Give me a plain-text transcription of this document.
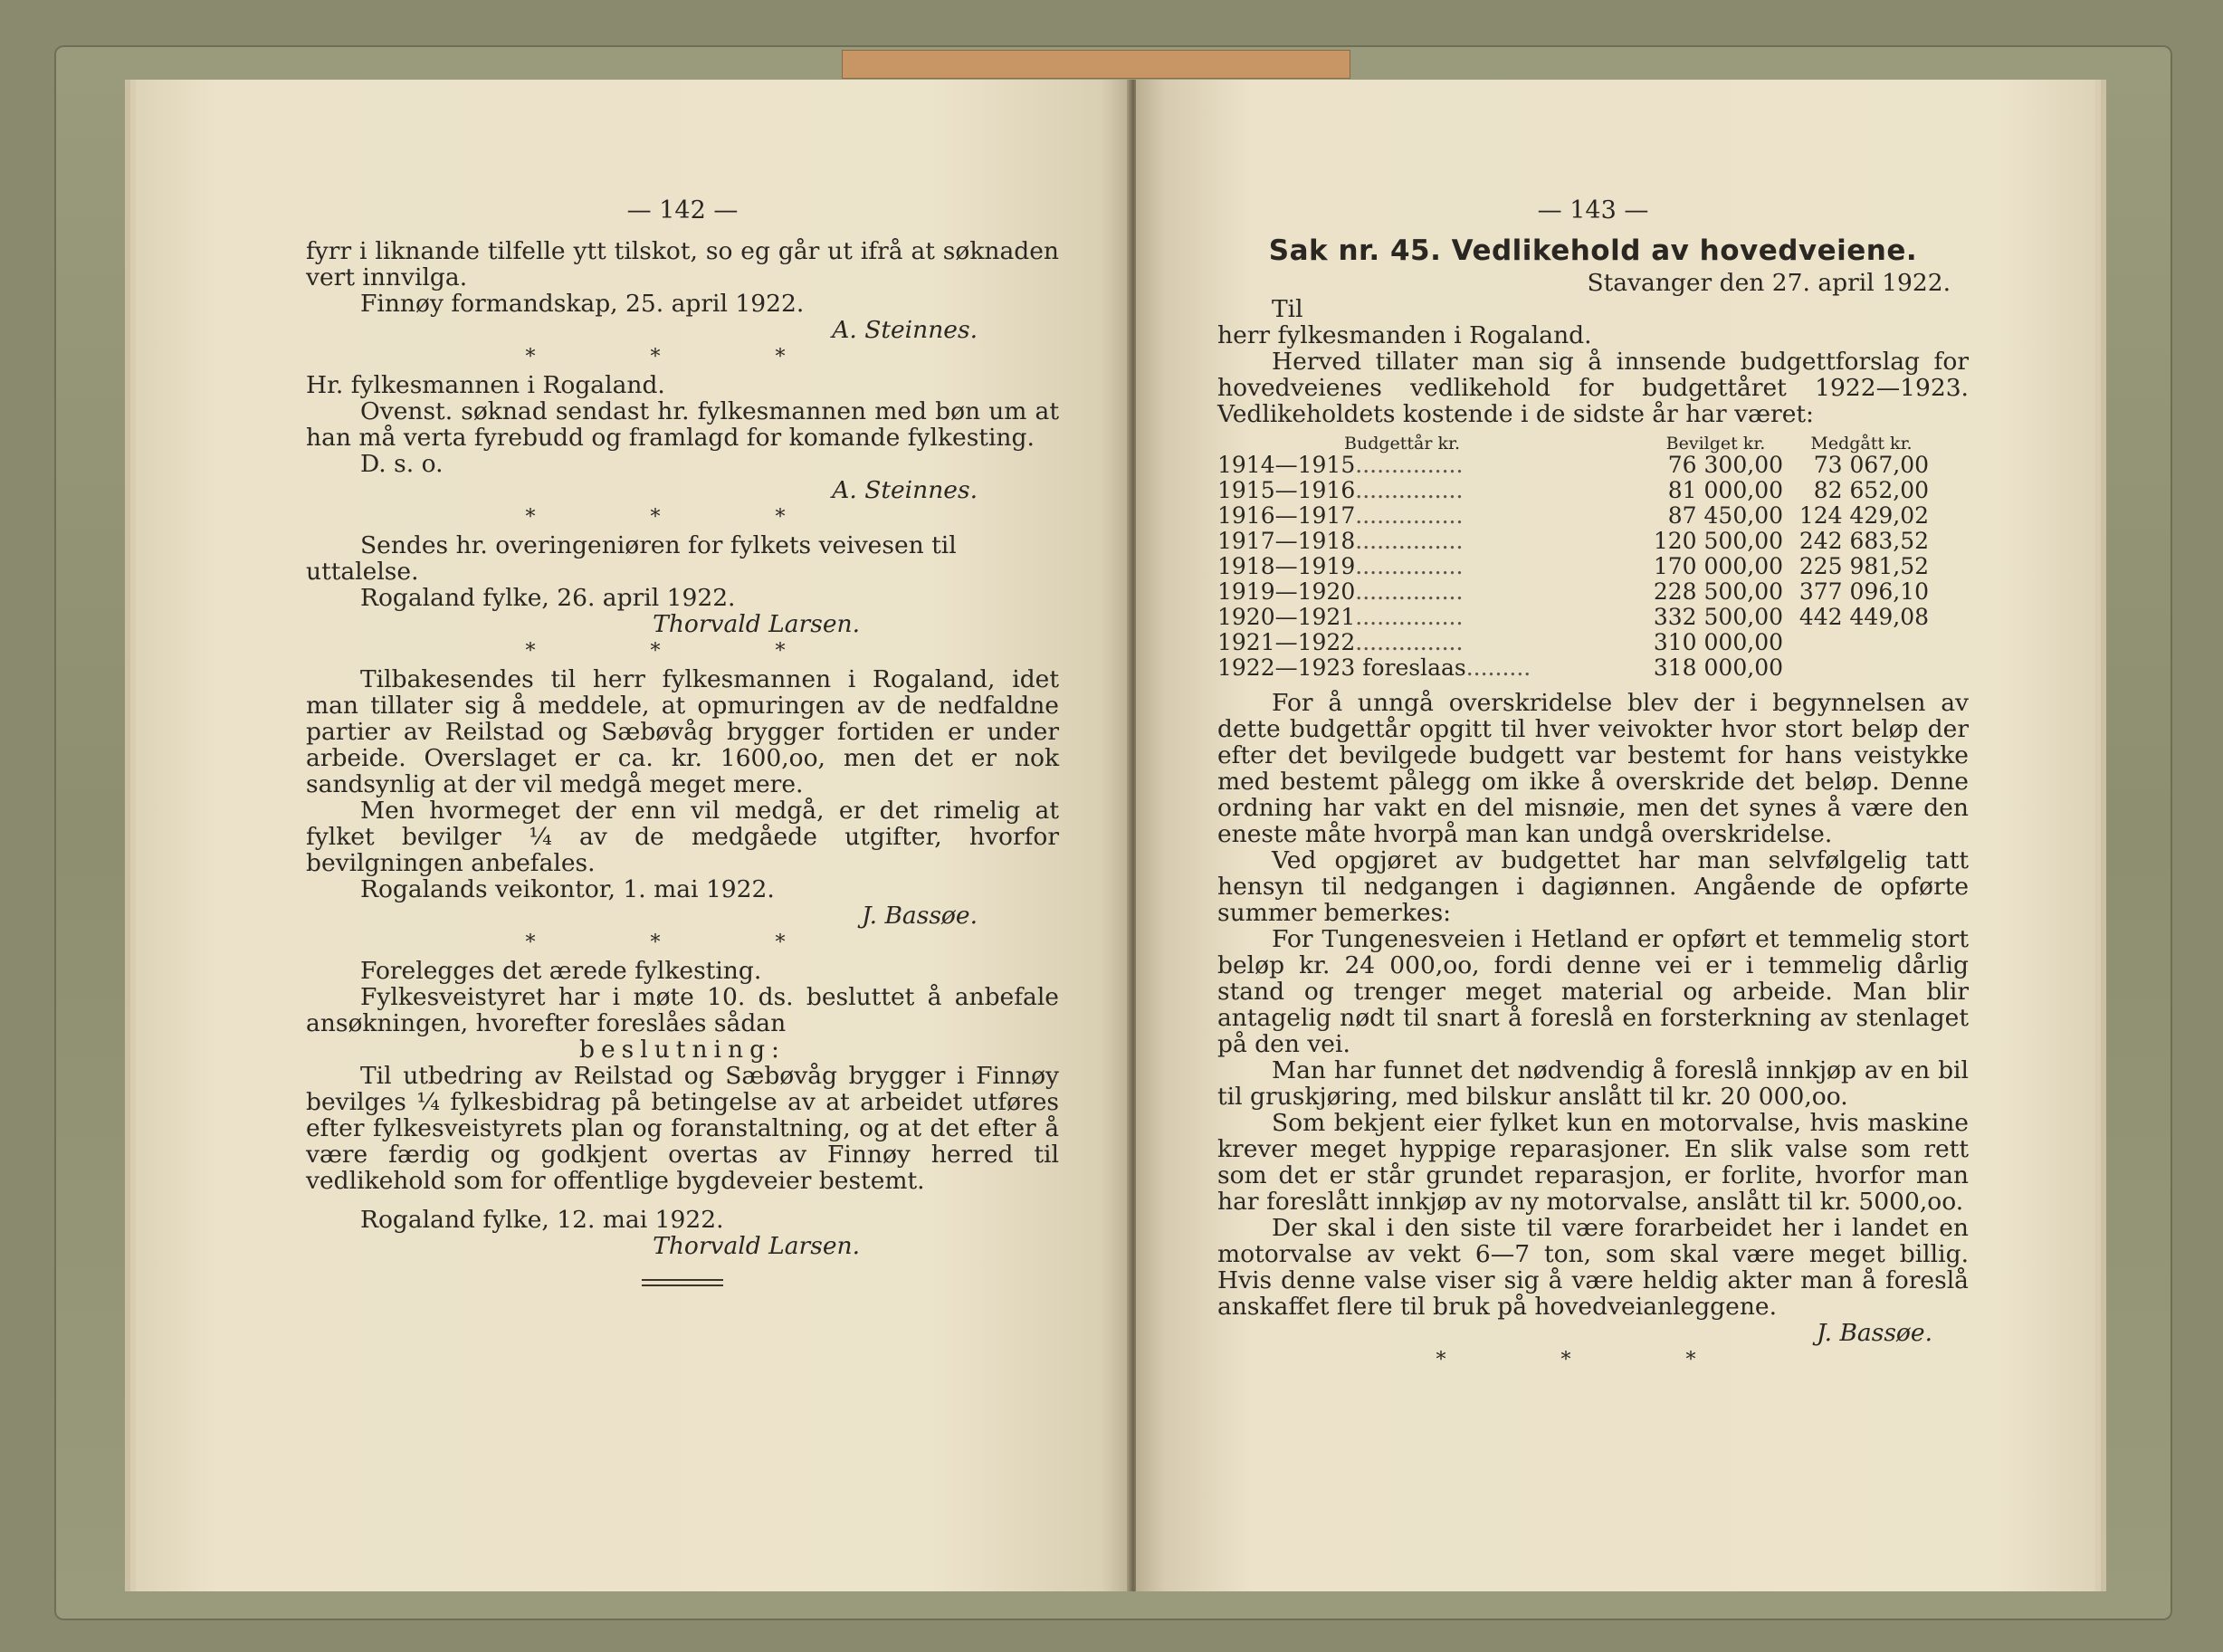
— 142 —

fyrr i liknande tilfelle ytt tilskot, so eg går ut ifrå at søknaden vert innvilga.

Finnøy formandskap, 25. april 1922.

A. Steinnes.

* * *

Hr. fylkesmannen i Rogaland.

Ovenst. søknad sendast hr. fylkesmannen med bøn um at han må verta fyrebudd og framlagd for komande fylkesting.

D. s. o.

A. Steinnes.

* * *

Sendes hr. overingeniøren for fylkets veivesen til uttalelse.

Rogaland fylke, 26. april 1922.

Thorvald Larsen.

* * *

Tilbakesendes til herr fylkesmannen i Rogaland, idet man tillater sig å meddele, at opmuringen av de nedfaldne partier av Reilstad og Sæbøvåg brygger fortiden er under arbeide. Overslaget er ca. kr. 1600,oo, men det er nok sandsynlig at der vil medgå meget mere.

Men hvormeget der enn vil medgå, er det rimelig at fylket bevilger ¼ av de medgåede utgifter, hvorfor bevilgningen anbefales.

Rogalands veikontor, 1. mai 1922.

J. Bassøe.

* * *

Forelegges det ærede fylkesting.

Fylkesveistyret har i møte 10. ds. besluttet å anbefale ansøkningen, hvorefter foreslåes sådan

beslutning:

Til utbedring av Reilstad og Sæbøvåg brygger i Finnøy bevilges ¼ fylkesbidrag på betingelse av at arbeidet utføres efter fylkesveistyrets plan og foranstaltning, og at det efter å være færdig og godkjent overtas av Finnøy herred til vedlikehold som for offentlige bygdeveier bestemt.

Rogaland fylke, 12. mai 1922.

Thorvald Larsen.

— 143 —

Sak nr. 45. Vedlikehold av hovedveiene.

Stavanger den 27. april 1922.

Til

herr fylkesmanden i Rogaland.

Herved tillater man sig å innsende budgettforslag for hovedveienes vedlikehold for budgettåret 1922—1923. Vedlikeholdets kostende i de sidste år har været:

Budgettår kr.	Bevilget kr.	Medgått kr.
1914—1915...............	76 300,00	73 067,00
1915—1916...............	81 000,00	82 652,00
1916—1917...............	87 450,00	124 429,02
1917—1918...............	120 500,00	242 683,52
1918—1919...............	170 000,00	225 981,52
1919—1920...............	228 500,00	377 096,10
1920—1921...............	332 500,00	442 449,08
1921—1922...............	310 000,00	
1922—1923 foreslaas.........	318 000,00	

For å unngå overskridelse blev der i begynnelsen av dette budgettår opgitt til hver veivokter hvor stort beløp der efter det bevilgede budgett var bestemt for hans veistykke med bestemt pålegg om ikke å overskride det beløp. Denne ordning har vakt en del misnøie, men det synes å være den eneste måte hvorpå man kan undgå overskridelse.

Ved opgjøret av budgettet har man selvfølgelig tatt hensyn til nedgangen i dagiønnen. Angående de opførte summer bemerkes:

For Tungenesveien i Hetland er opført et temmelig stort beløp kr. 24 000,oo, fordi denne vei er i temmelig dårlig stand og trenger meget material og arbeide. Man blir antagelig nødt til snart å foreslå en forsterkning av stenlaget på den vei.

Man har funnet det nødvendig å foreslå innkjøp av en bil til gruskjøring, med bilskur anslått til kr. 20 000,oo.

Som bekjent eier fylket kun en motorvalse, hvis maskine krever meget hyppige reparasjoner. En slik valse som rett som det er står grundet reparasjon, er forlite, hvorfor man har foreslått innkjøp av ny motorvalse, anslått til kr. 5000,oo.

Der skal i den siste til være forarbeidet her i landet en motorvalse av vekt 6—7 ton, som skal være meget billig. Hvis denne valse viser sig å være heldig akter man å foreslå anskaffet flere til bruk på hovedveianleggene.

J. Bassøe.

* * *
